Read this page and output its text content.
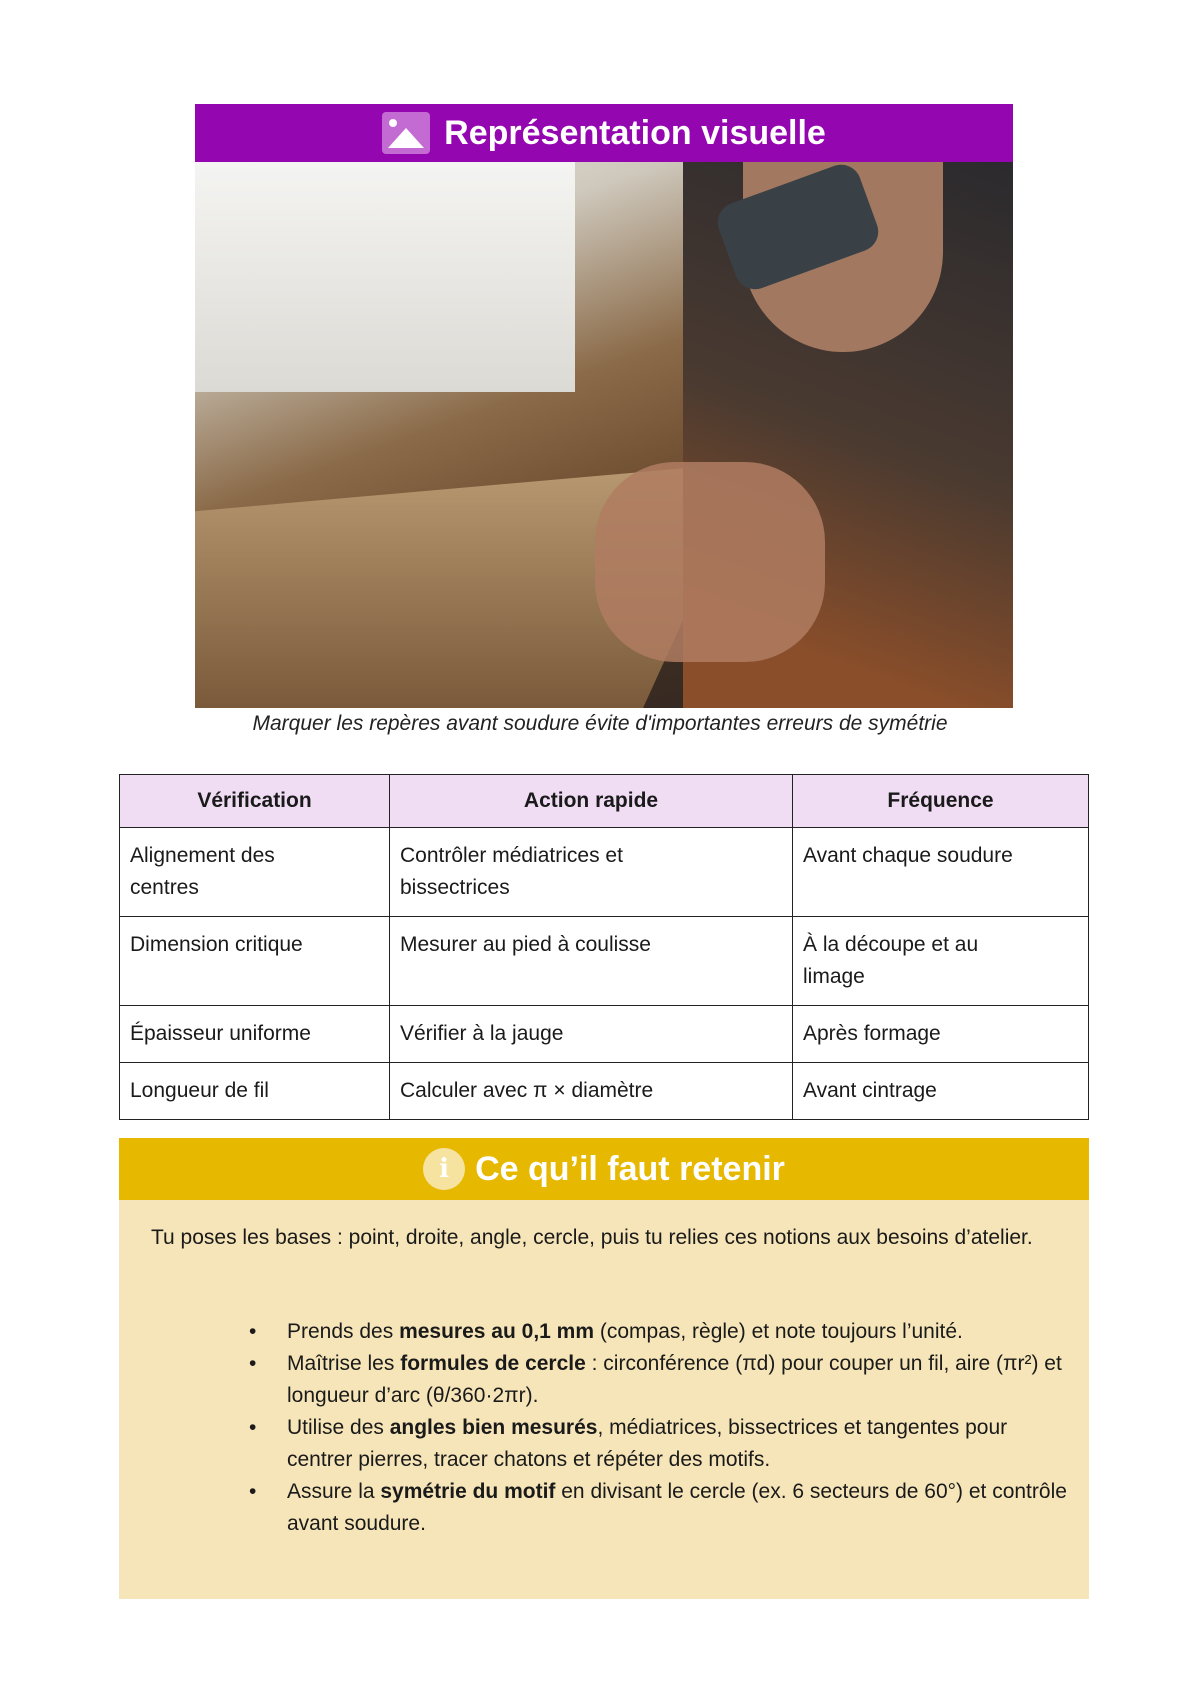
Représentation visuelle
Marquer les repères avant soudure évite d'importantes erreurs de symétrie
Vérification	Action rapide	Fréquence
Alignement des centres	Contrôler médiatrices et bissectrices	Avant chaque soudure
Dimension critique	Mesurer au pied à coulisse	À la découpe et au limage
Épaisseur uniforme	Vérifier à la jauge	Après formage
Longueur de fil	Calculer avec π × diamètre	Avant cintrage
i Ce qu’il faut retenir

Tu poses les bases : point, droite, angle, cercle, puis tu relies ces notions aux besoins d’atelier.

• Prends des mesures au 0,1 mm (compas, règle) et note toujours l’unité.
• Maîtrise les formules de cercle : circonférence (πd) pour couper un fil, aire (πr²) et longueur d’arc (θ/360·2πr).
• Utilise des angles bien mesurés, médiatrices, bissectrices et tangentes pour centrer pierres, tracer chatons et répéter des motifs.
• Assure la symétrie du motif en divisant le cercle (ex. 6 secteurs de 60°) et contrôle avant soudure.
